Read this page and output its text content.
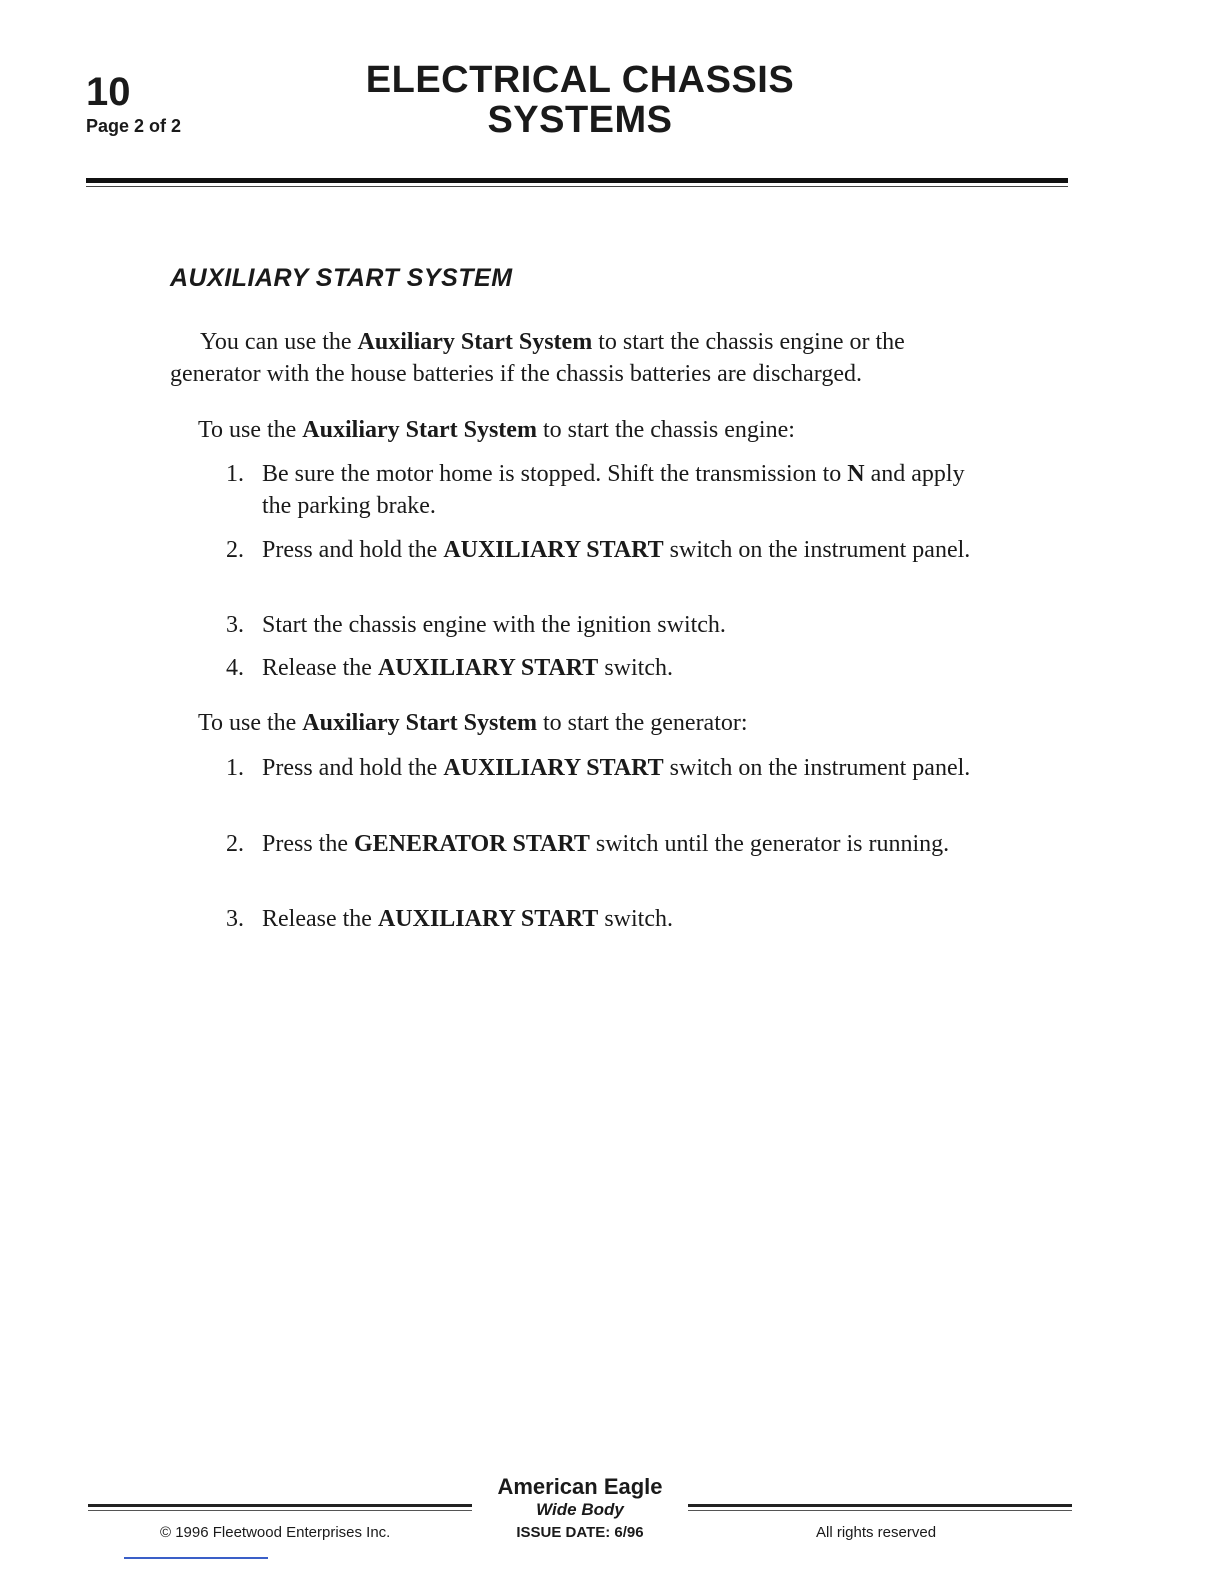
10
Page 2 of 2
ELECTRICAL CHASSIS
SYSTEMS
AUXILIARY START SYSTEM
You can use the Auxiliary Start System to start the chassis engine or the generator with the house batteries if the chassis batteries are discharged.
To use the Auxiliary Start System to start the chassis engine:
1. Be sure the motor home is stopped. Shift the transmission to N and apply the parking brake.
2. Press and hold the AUXILIARY START switch on the instrument panel.
3. Start the chassis engine with the ignition switch.
4. Release the AUXILIARY START switch.
To use the Auxiliary Start System to start the generator:
1. Press and hold the AUXILIARY START switch on the instrument panel.
2. Press the GENERATOR START switch until the generator is running.
3. Release the AUXILIARY START switch.
American Eagle
Wide Body
ISSUE DATE: 6/96
© 1996 Fleetwood Enterprises Inc.	All rights reserved
